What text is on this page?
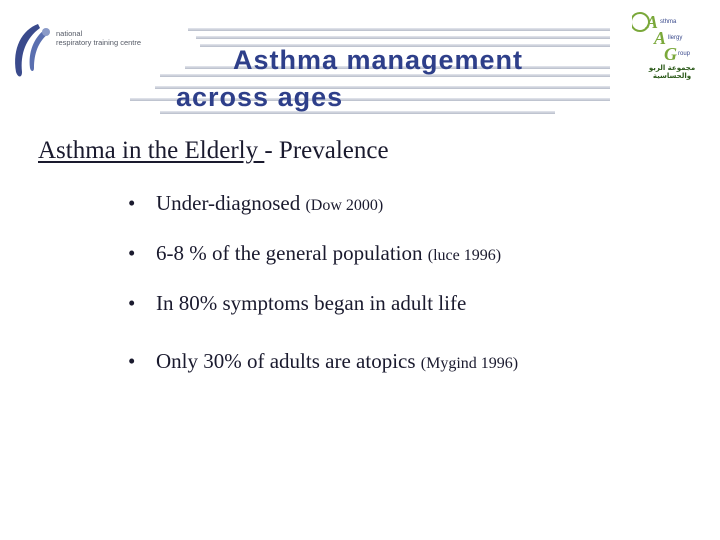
national
respiratory training centre
Asthma management
across ages
A sthma
A llergy
G roup
مجموعة الربو والحساسية
Asthma in the Elderly - Prevalence
• Under-diagnosed (Dow 2000)
• 6-8 % of the general population (luce 1996)
• In 80% symptoms began in adult life
• Only 30% of adults are atopics (Mygind 1996)
